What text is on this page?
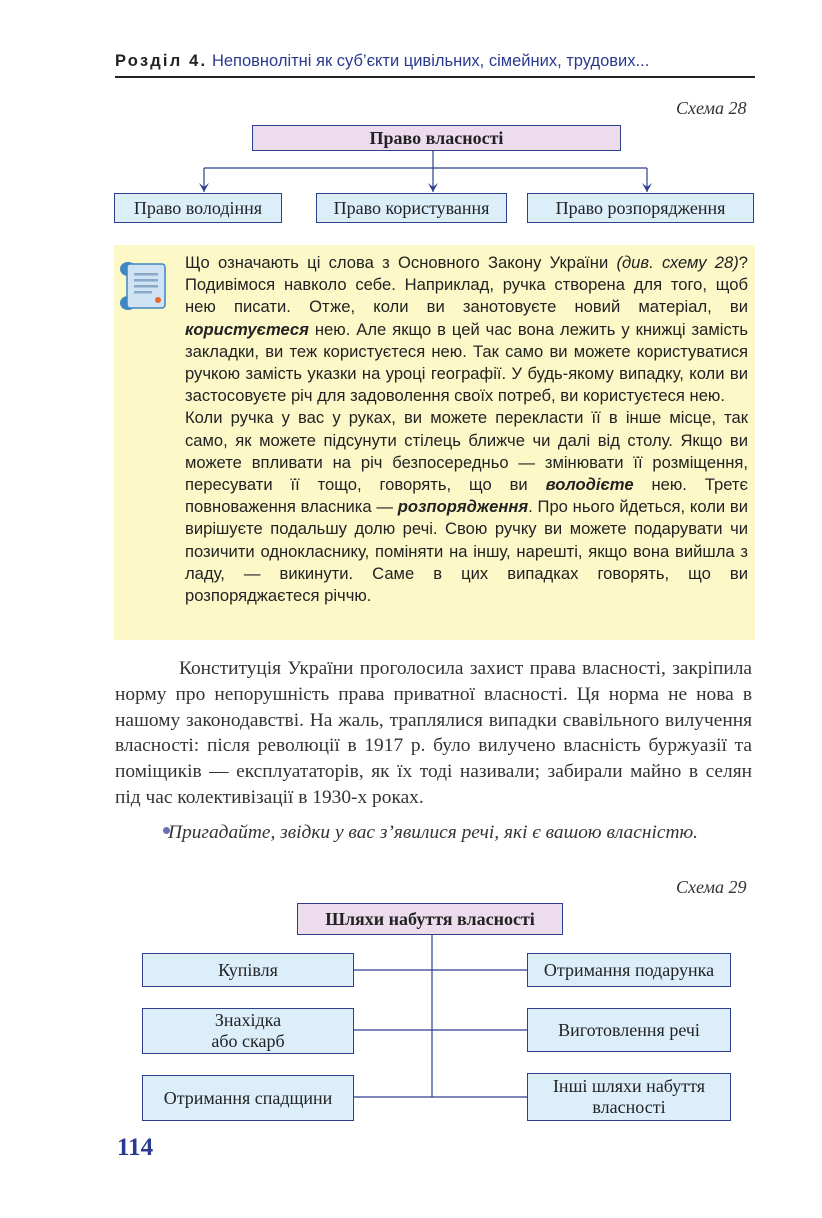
Розділ 4. Неповнолітні як суб’єкти цивільних, сімейних, трудових...
Схема 28
Право власності
Право володіння	Право користування	Право розпорядження

Що означають ці слова з Основного Закону України (див. схему 28)? Подивімося навколо себе. Наприклад, ручка створена для того, щоб нею писати. Отже, коли ви занотовуєте новий матеріал, ви користуєтеся нею. Але якщо в цей час вона лежить у книжці замість закладки, ви теж користуєтеся нею. Так само ви можете користуватися ручкою замість указки на уроці географії. У будь-якому випадку, коли ви застосовуєте річ для задоволення своїх потреб, ви користуєтеся нею.

Коли ручка у вас у руках, ви можете перекласти її в інше місце, так само, як можете підсунути стілець ближче чи далі від столу. Якщо ви можете впливати на річ безпосередньо — змінювати її розміщення, пересувати її тощо, говорять, що ви володієте нею. Третє повноваження власника — розпорядження. Про нього йдеться, коли ви вирішуєте подальшу долю речі. Свою ручку ви можете подарувати чи позичити однокласнику, поміняти на іншу, нарешті, якщо вона вийшла з ладу, — викинути. Саме в цих випадках говорять, що ви розпоряджаєтеся річчю.

Конституція України проголосила захист права власності, закріпила норму про непорушність права приватної власності. Ця норма не нова в нашому законодавстві. На жаль, траплялися випадки свавільного вилучення власності: після революції в 1917 р. було вилучено власність буржуазії та поміщиків — експлуататорів, як їх тоді називали; забирали майно в селян під час колективізації в 1930-х роках.

Пригадайте, звідки у вас з’явилися речі, які є вашою власністю.
Схема 29
Шляхи набуття власності
Купівля
Знахідка
або скарб
Отримання спадщини
Отримання подарунка
Виготовлення речі
Інші шляхи набуття
власності
114
